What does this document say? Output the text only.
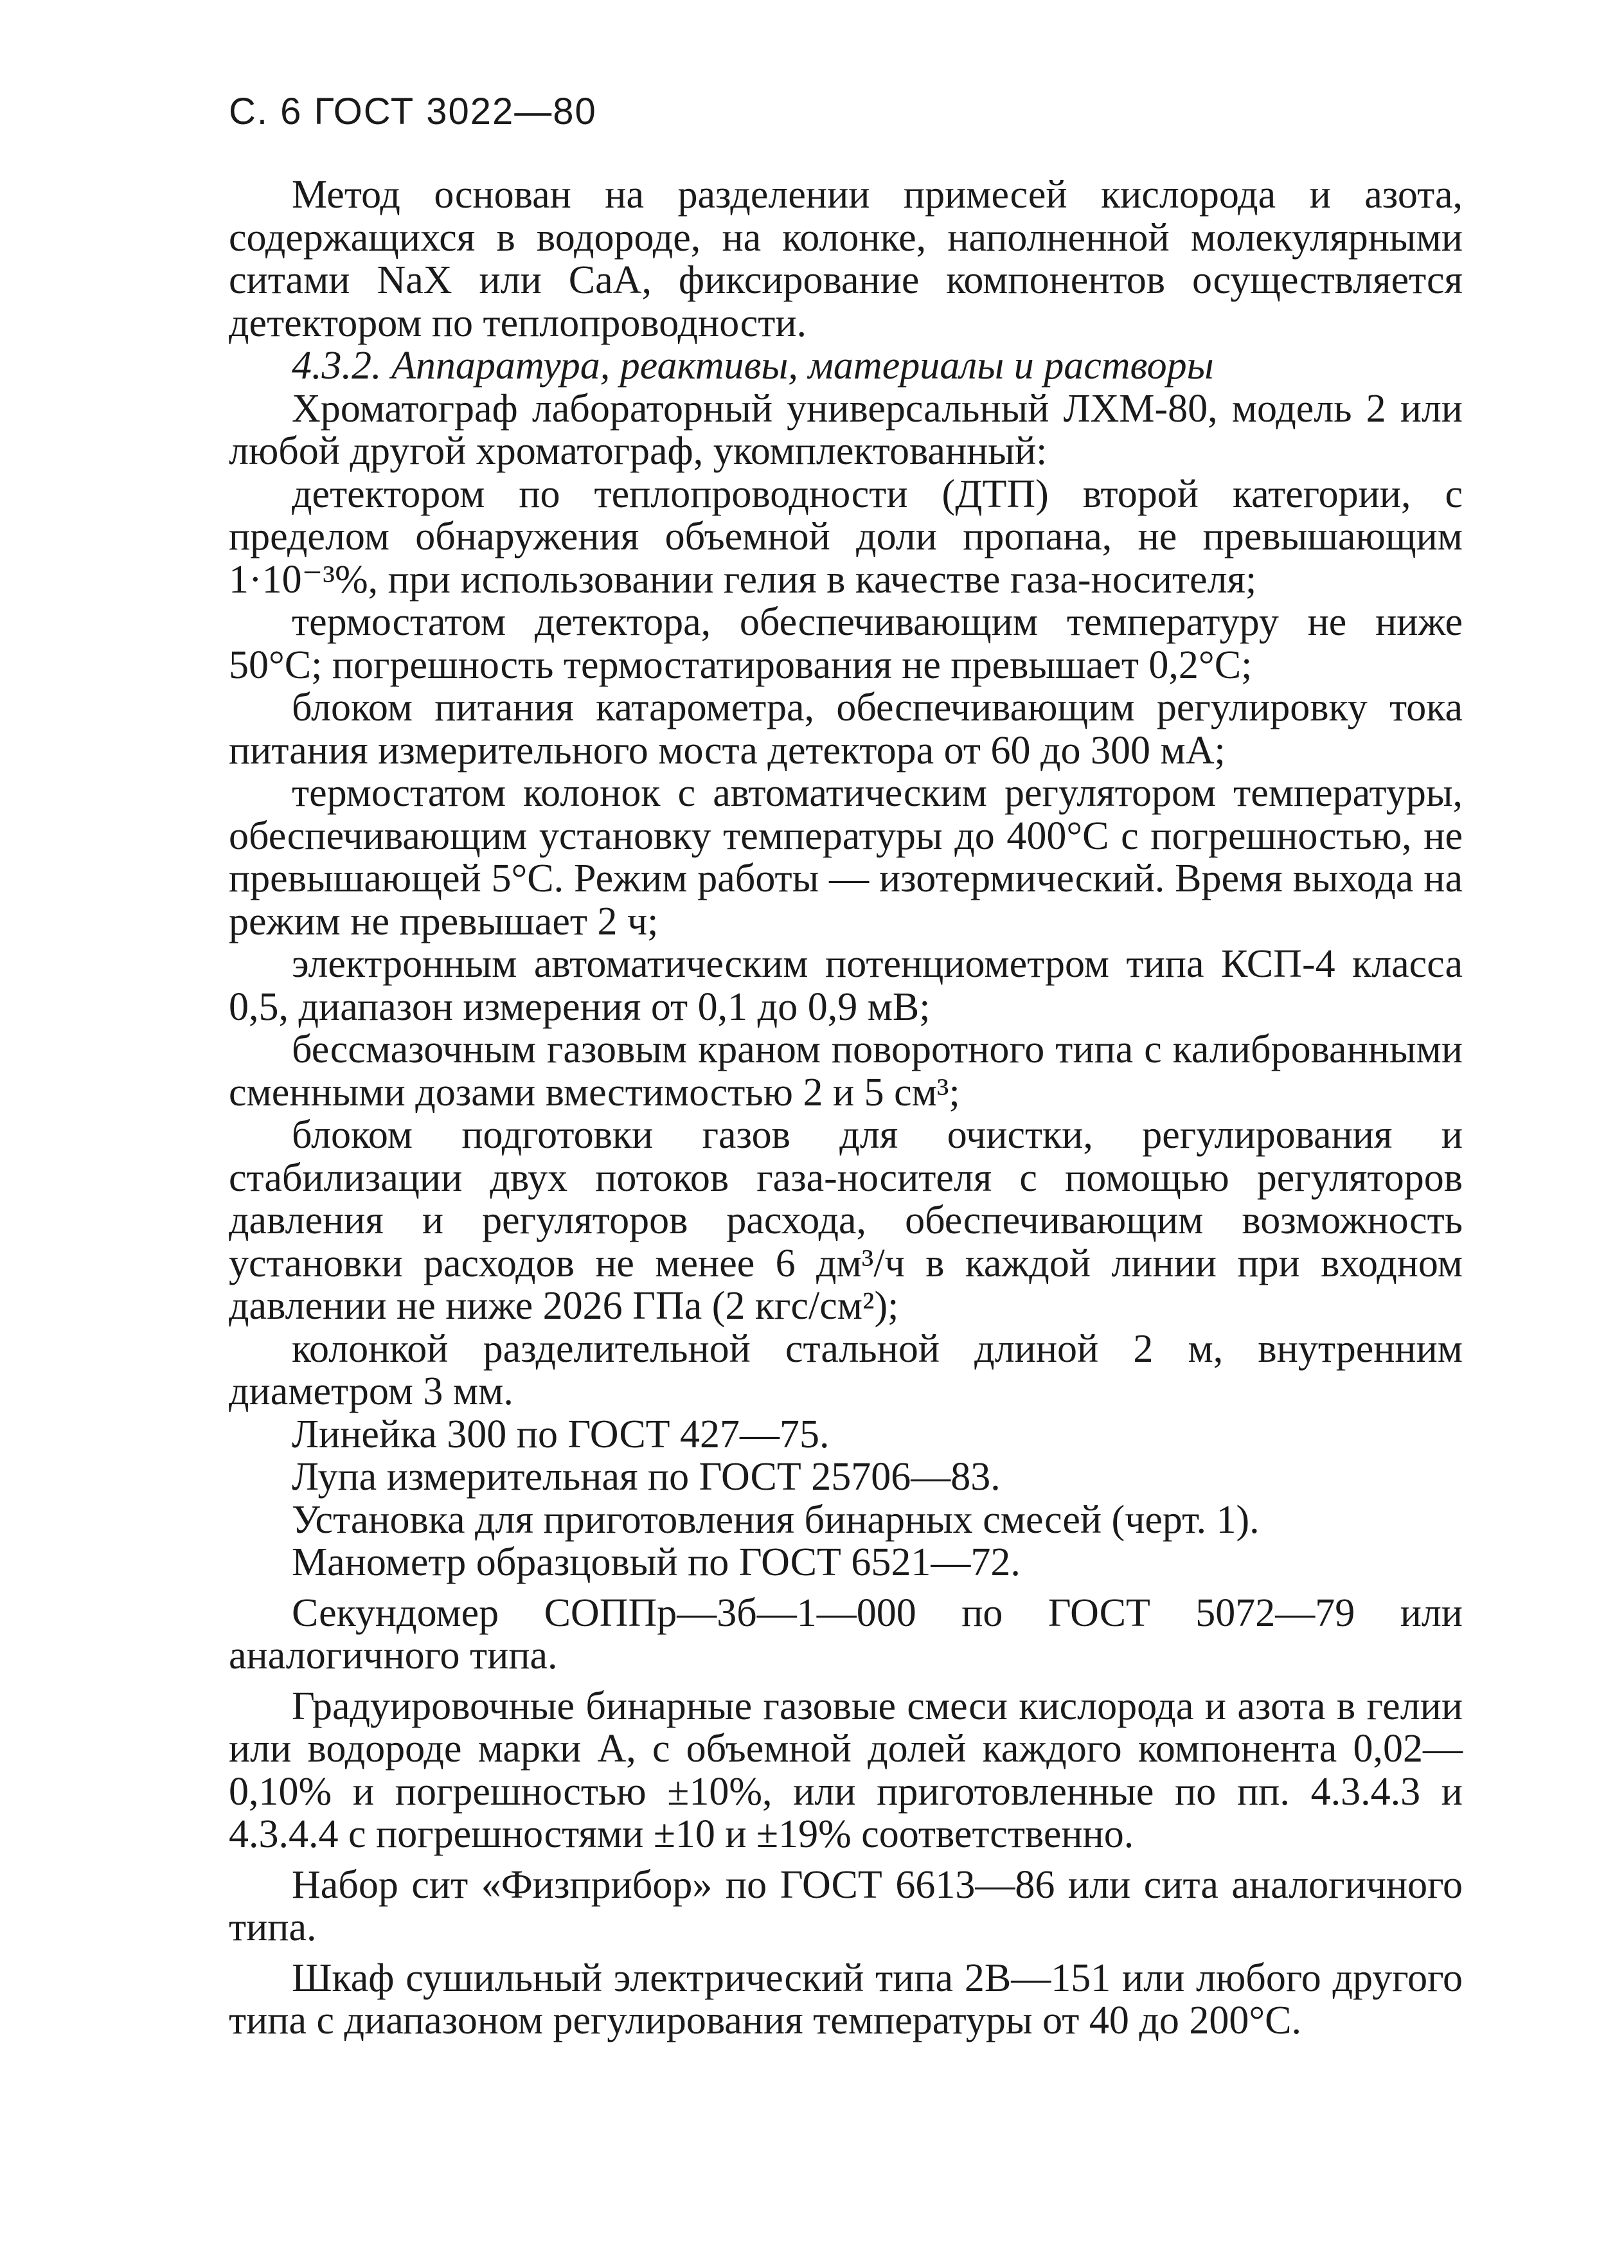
С. 6 ГОСТ 3022—80

Метод основан на разделении примесей кислорода и азота, содержащихся в водороде, на колонке, наполненной молекулярными ситами NaX или CaA, фиксирование компонентов осуществляется детектором по теплопроводности.

4.3.2. Аппаратура, реактивы, материалы и растворы

Хроматограф лабораторный универсальный ЛХМ-80, модель 2 или любой другой хроматограф, укомплектованный:

детектором по теплопроводности (ДТП) второй категории, с пределом обнаружения объемной доли пропана, не превышающим 1·10⁻³%, при использовании гелия в качестве газа-носителя;

термостатом детектора, обеспечивающим температуру не ниже 50°С; погрешность термостатирования не превышает 0,2°С;

блоком питания катарометра, обеспечивающим регулировку тока питания измерительного моста детектора от 60 до 300 мА;

термостатом колонок с автоматическим регулятором температуры, обеспечивающим установку температуры до 400°С с погрешностью, не превышающей 5°С. Режим работы — изотермический. Время выхода на режим не превышает 2 ч;

электронным автоматическим потенциометром типа КСП-4 класса 0,5, диапазон измерения от 0,1 до 0,9 мВ;

бессмазочным газовым краном поворотного типа с калиброванными сменными дозами вместимостью 2 и 5 см³;

блоком подготовки газов для очистки, регулирования и стабилизации двух потоков газа-носителя с помощью регуляторов давления и регуляторов расхода, обеспечивающим возможность установки расходов не менее 6 дм³/ч в каждой линии при входном давлении не ниже 2026 ГПа (2 кгс/см²);

колонкой разделительной стальной длиной 2 м, внутренним диаметром 3 мм.

Линейка 300 по ГОСТ 427—75.

Лупа измерительная по ГОСТ 25706—83.

Установка для приготовления бинарных смесей (черт. 1).

Манометр образцовый по ГОСТ 6521—72.

Секундомер СОППр—3б—1—000 по ГОСТ 5072—79 или аналогичного типа.

Градуировочные бинарные газовые смеси кислорода и азота в гелии или водороде марки А, с объемной долей каждого компонента 0,02—0,10% и погрешностью ±10%, или приготовленные по пп. 4.3.4.3 и 4.3.4.4 с погрешностями ±10 и ±19% соответственно.

Набор сит «Физприбор» по ГОСТ 6613—86 или сита аналогичного типа.

Шкаф сушильный электрический типа 2В—151 или любого другого типа с диапазоном регулирования температуры от 40 до 200°С.
